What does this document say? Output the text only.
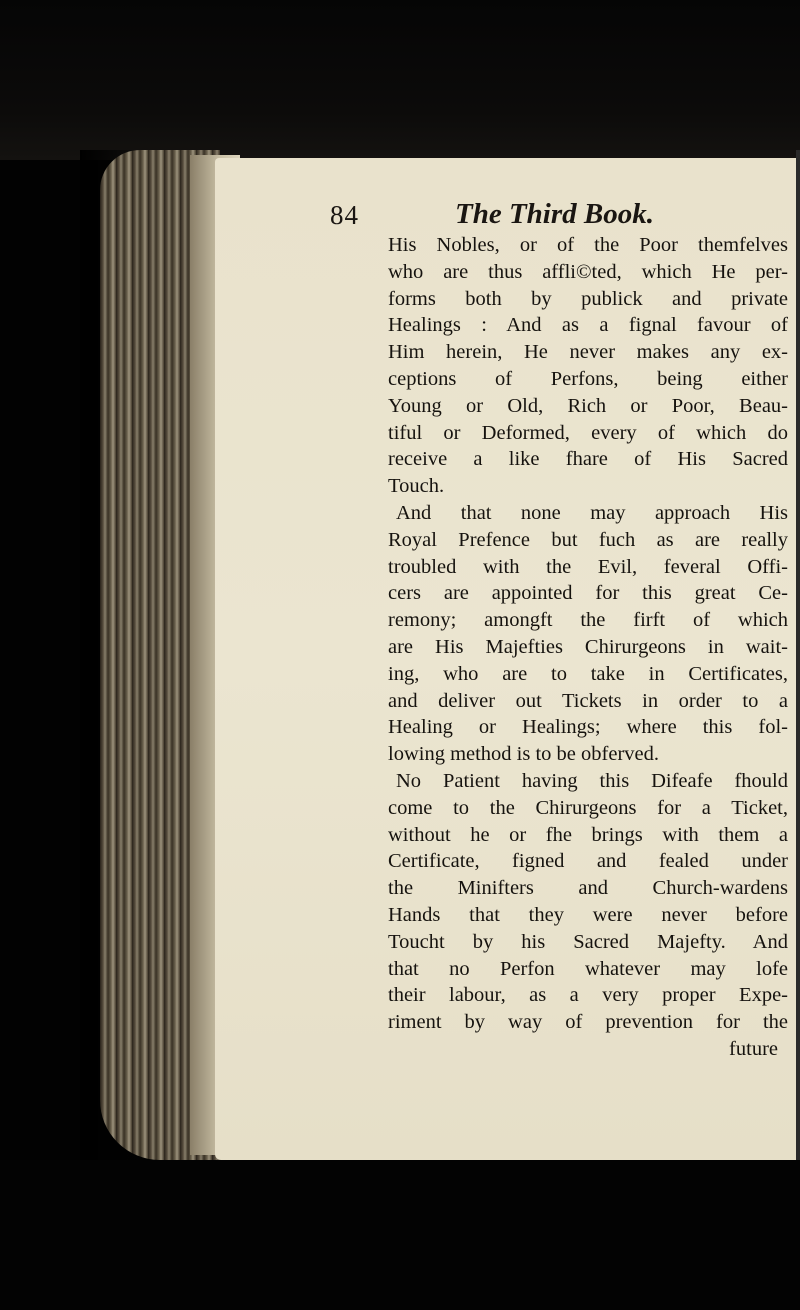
84	The Third Book.
His Nobles, or of the Poor themfelves
who are thus affli©ted, which He per-
forms both by publick and private
Healings : And as a fignal favour of
Him herein, He never makes any ex-
ceptions of Perfons, being either
Young or Old, Rich or Poor, Beau-
tiful or Deformed, every of which do
receive a like fhare of His Sacred
Touch.
And that none may approach His
Royal Prefence but fuch as are really
troubled with the Evil, feveral Offi-
cers are appointed for this great Ce-
remony; amongft the firft of which
are His Majefties Chirurgeons in wait-
ing, who are to take in Certificates,
and deliver out Tickets in order to a
Healing or Healings; where this fol-
lowing method is to be obferved.
No Patient having this Difeafe fhould
come to the Chirurgeons for a Ticket,
without he or fhe brings with them a
Certificate, figned and fealed under
the Minifters and Church-wardens
Hands that they were never before
Toucht by his Sacred Majefty. And
that no Perfon whatever may lofe
their labour, as a very proper Expe-
riment by way of prevention for the
future
